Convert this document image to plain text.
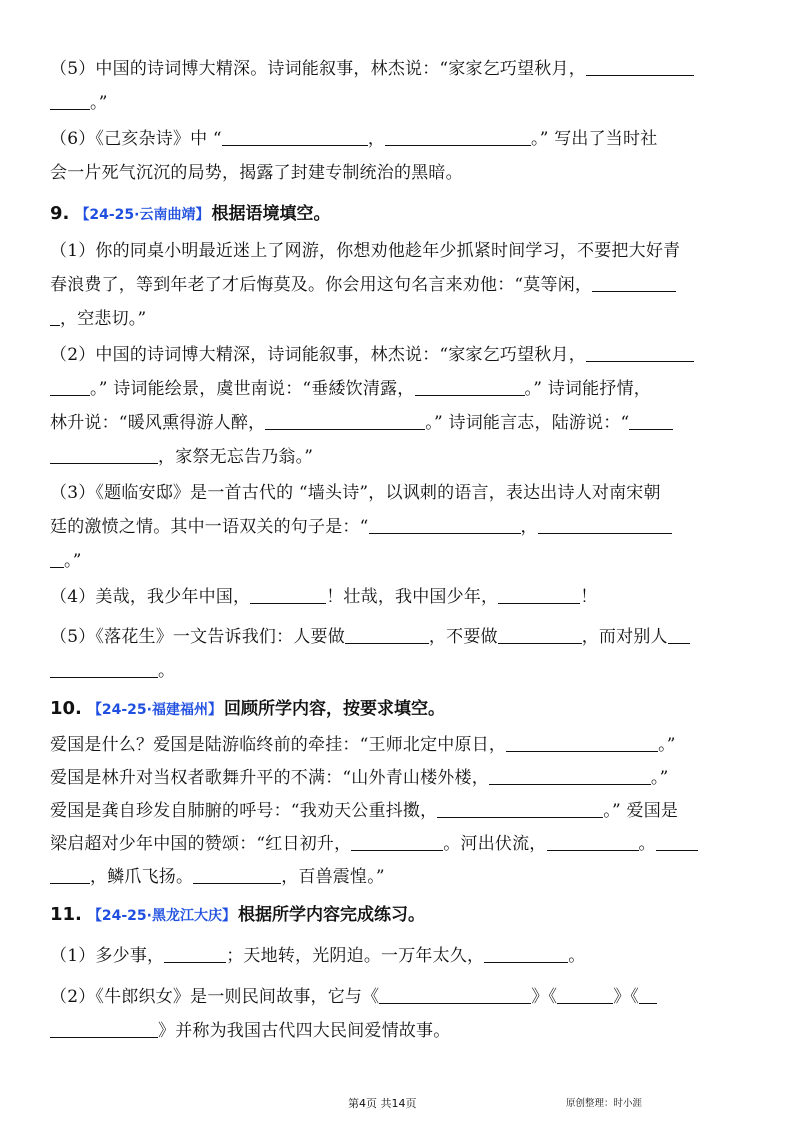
（5）中国的诗词博大精深。诗词能叙事，林杰说：“家家乞巧望秋月，
。”
（6）《己亥杂诗》中 “	，	。” 写出了当时社
会一片死气沉沉的局势，揭露了封建专制统治的黑暗。
9. 【24-25·云南曲靖】 根据语境填空。
（1）你的同桌小明最近迷上了网游，你想劝他趁年少抓紧时间学习，不要把大好青
春浪费了，等到年老了才后悔莫及。你会用这句名言来劝他：“莫等闲，
，空悲切。”
（2）中国的诗词博大精深，诗词能叙事，林杰说：“家家乞巧望秋月，
。” 诗词能绘景，虞世南说：“垂緌饮清露，	。” 诗词能抒情，
林升说：“暖风熏得游人醉，	。” 诗词能言志，陆游说：“
，家祭无忘告乃翁。”
（3）《题临安邸》是一首古代的 “墙头诗”，以讽刺的语言，表达出诗人对南宋朝
廷的激愤之情。其中一语双关的句子是：“	，
。”
（4）美哉，我少年中国，	！壮哉，我中国少年，	！
（5）《落花生》一文告诉我们：人要做	，不要做	，而对别人
。
10. 【24-25·福建福州】 回顾所学内容，按要求填空。
爱国是什么？爱国是陆游临终前的牵挂：“王师北定中原日，	。”
爱国是林升对当权者歌舞升平的不满：“山外青山楼外楼，	。”
爱国是龚自珍发自肺腑的呼号：“我劝天公重抖擞，	。” 爱国是
梁启超对少年中国的赞颂：“红日初升，	。河出伏流，	。
，鳞爪飞扬。	，百兽震惶。”
11. 【24-25·黑龙江大庆】 根据所学内容完成练习。
（1）多少事，	；天地转，光阴迫。一万年太久，	。
（2）《牛郎织女》是一则民间故事，它与《	》《	》《
》并称为我国古代四大民间爱情故事。
第4页 共14页	原创整理：时小涯
